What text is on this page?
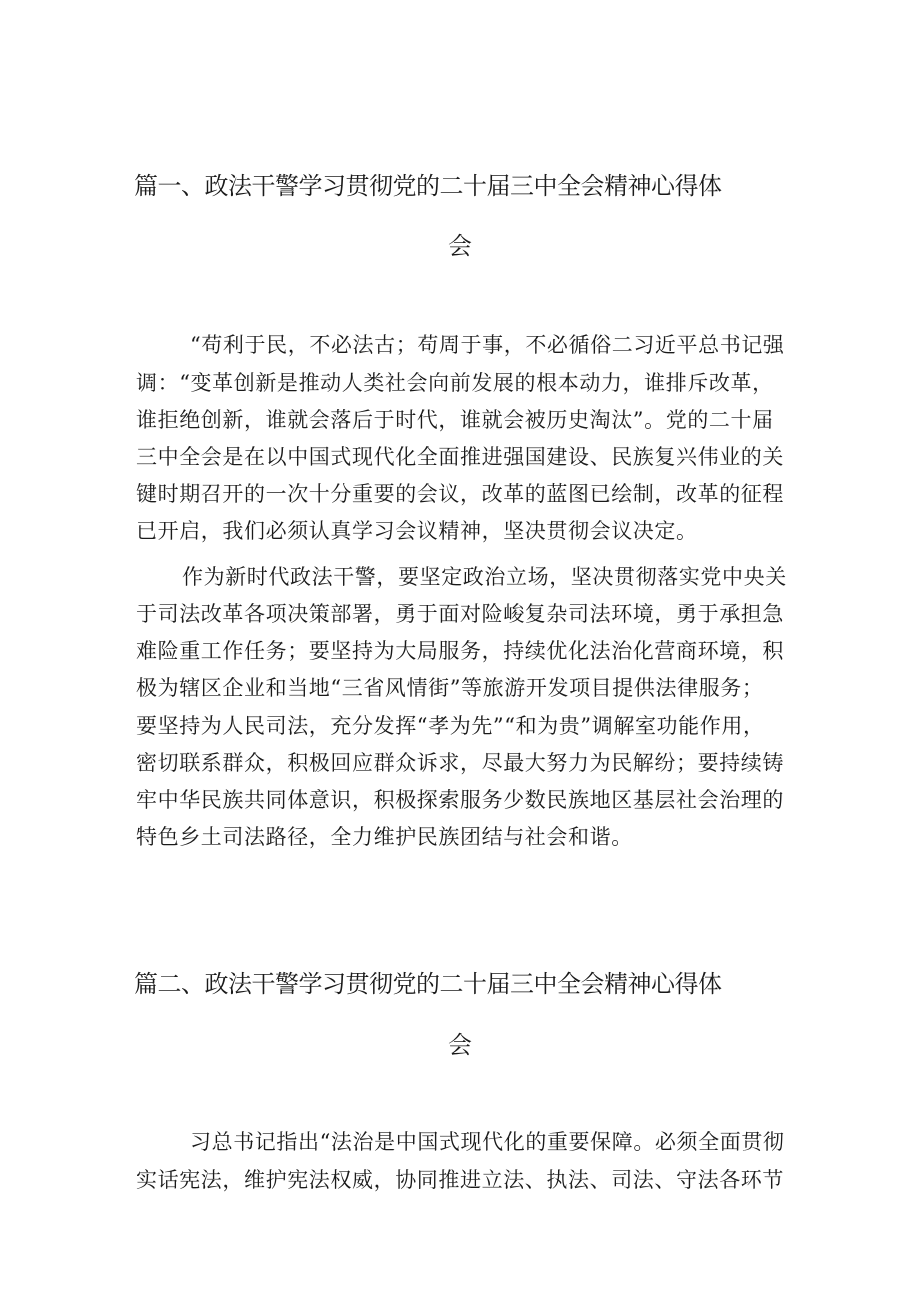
篇一、政法干警学习贯彻党的二十届三中全会精神心得体
会
“苟利于民，不必法古；苟周于事，不必循俗二习近平总书记强
调：“变革创新是推动人类社会向前发展的根本动力，谁排斥改革，
谁拒绝创新，谁就会落后于时代，谁就会被历史淘汰”。党的二十届
三中全会是在以中国式现代化全面推进强国建设、民族复兴伟业的关
键时期召开的一次十分重要的会议，改革的蓝图已绘制，改革的征程
已开启，我们必须认真学习会议精神，坚决贯彻会议决定。
作为新时代政法干警，要坚定政治立场，坚决贯彻落实党中央关
于司法改革各项决策部署，勇于面对险峻复杂司法环境，勇于承担急
难险重工作任务；要坚持为大局服务，持续优化法治化营商环境，积
极为辖区企业和当地“三省风情街”等旅游开发项目提供法律服务；
要坚持为人民司法，充分发挥“孝为先”“和为贵”调解室功能作用，
密切联系群众，积极回应群众诉求，尽最大努力为民解纷；要持续铸
牢中华民族共同体意识，积极探索服务少数民族地区基层社会治理的
特色乡土司法路径，全力维护民族团结与社会和谐。
篇二、政法干警学习贯彻党的二十届三中全会精神心得体
会
习总书记指出“法治是中国式现代化的重要保障。必须全面贯彻
实话宪法，维护宪法权威，协同推进立法、执法、司法、守法各环节
